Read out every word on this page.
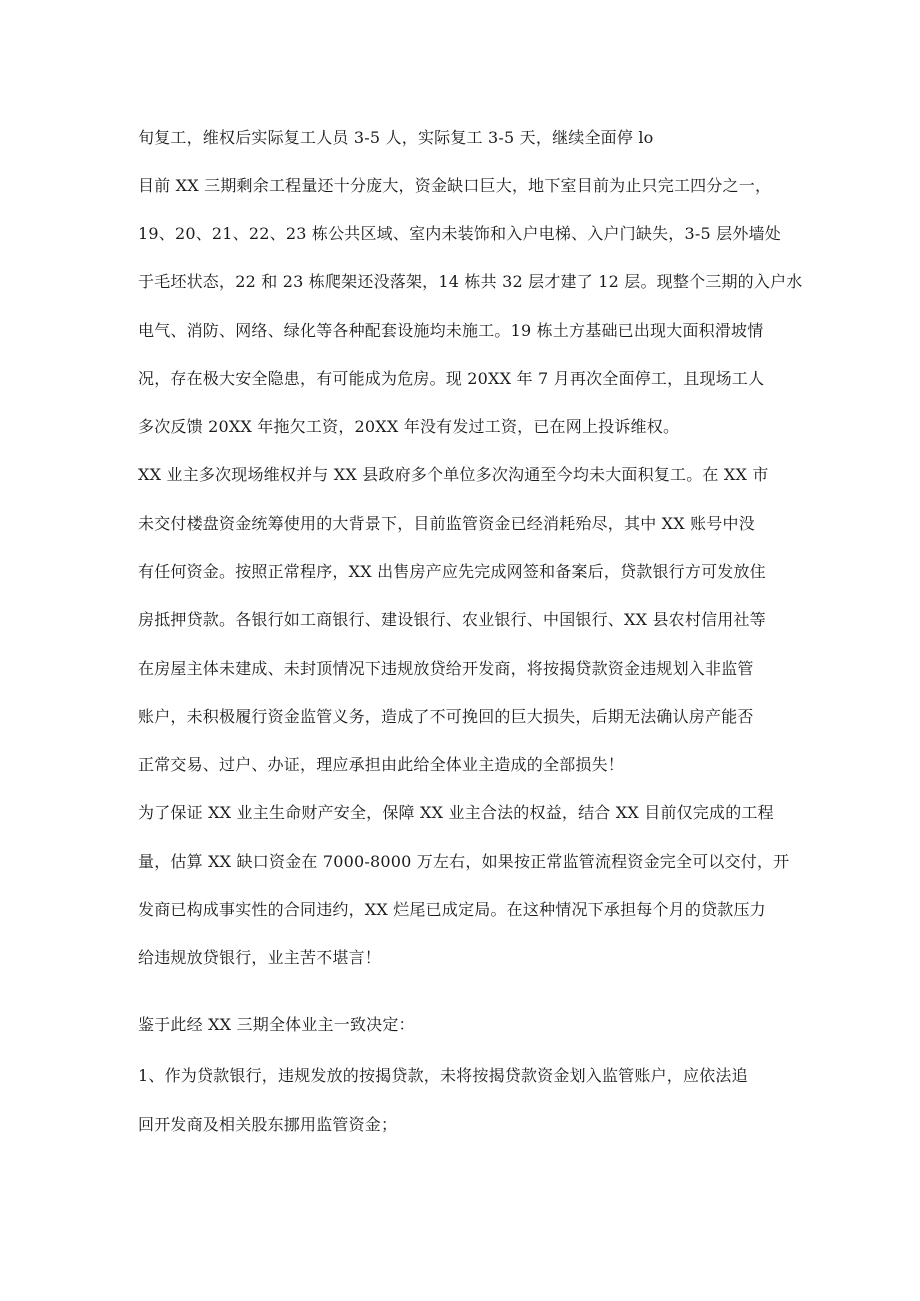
旬复工，维权后实际复工人员 3-5 人，实际复工 3-5 天，继续全面停 lo
目前 XX 三期剩余工程量还十分庞大，资金缺口巨大，地下室目前为止只完工四分之一，
19、20、21、22、23 栋公共区域、室内未装饰和入户电梯、入户门缺失，3-5 层外墙处
于毛坯状态，22 和 23 栋爬架还没落架，14 栋共 32 层才建了 12 层。现整个三期的入户水
电气、消防、网络、绿化等各种配套设施均未施工。19 栋土方基础已出现大面积滑坡情
况，存在极大安全隐患，有可能成为危房。现 20XX 年 7 月再次全面停工，且现场工人
多次反馈 20XX 年拖欠工资，20XX 年没有发过工资，已在网上投诉维权。
XX 业主多次现场维权并与 XX 县政府多个单位多次沟通至今均未大面积复工。在 XX 市
未交付楼盘资金统筹使用的大背景下，目前监管资金已经消耗殆尽，其中 XX 账号中没
有任何资金。按照正常程序，XX 出售房产应先完成网签和备案后，贷款银行方可发放住
房抵押贷款。各银行如工商银行、建设银行、农业银行、中国银行、XX 县农村信用社等
在房屋主体未建成、未封顶情况下违规放贷给开发商，将按揭贷款资金违规划入非监管
账户，未积极履行资金监管义务，造成了不可挽回的巨大损失，后期无法确认房产能否
正常交易、过户、办证，理应承担由此给全体业主造成的全部损失！
为了保证 XX 业主生命财产安全，保障 XX 业主合法的权益，结合 XX 目前仅完成的工程
量，估算 XX 缺口资金在 7000-8000 万左右，如果按正常监管流程资金完全可以交付，开
发商已构成事实性的合同违约，XX 烂尾已成定局。在这种情况下承担每个月的贷款压力
给违规放贷银行，业主苦不堪言！
鉴于此经 XX 三期全体业主一致决定：
1、作为贷款银行，违规发放的按揭贷款，未将按揭贷款资金划入监管账户，应依法追
回开发商及相关股东挪用监管资金；
